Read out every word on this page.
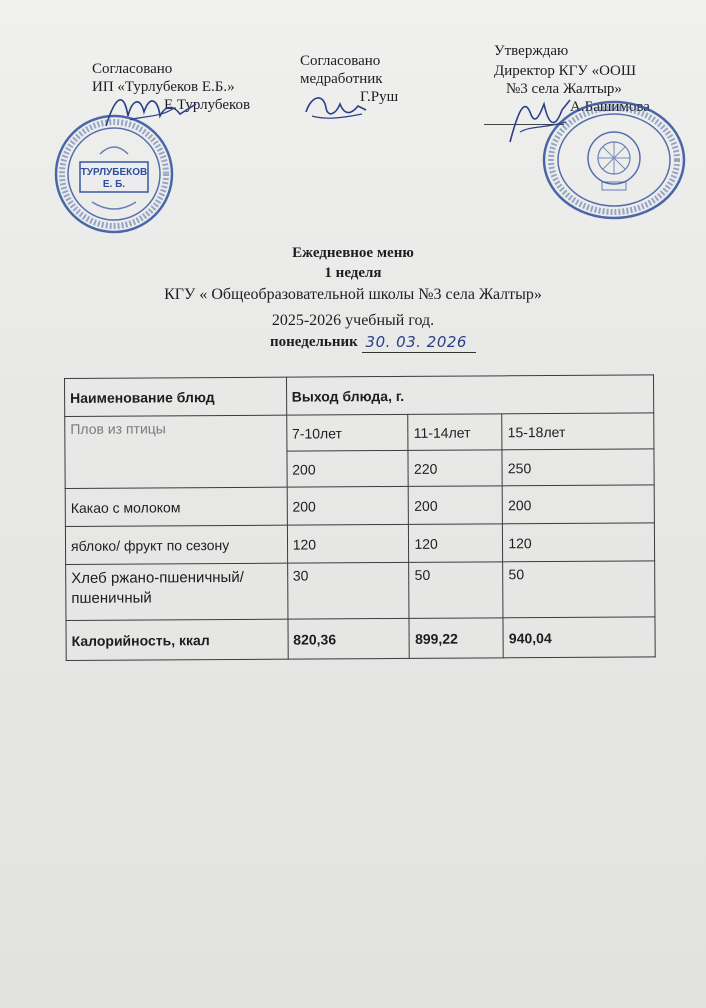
Согласовано
ИП «Турлубеков Е.Б.»
Е.Турлубеков
Согласовано
медработник
Г.Руш
Утверждаю
Директор КГУ «ООШ
№3 села Жалтыр»
А.Башимова
ТУРЛУБЕКОВ
Е. Б.
Ежедневное меню
1 неделя
КГУ « Общеобразовательной школы №3 села Жалтыр»
2025-2026 учебный год.
понедельник 30. 03. 2026
Наименование блюд	Выход блюда, г.		
Плов из птицы	7-10лет	11-14лет	15-18лет
	200	220	250
Какао с молоком	200	200	200
яблоко/ фрукт по сезону	120	120	120
Хлеб ржано-пшеничный/пшеничный	30	50	50
Калорийность, ккал	820,36	899,22	940,04
